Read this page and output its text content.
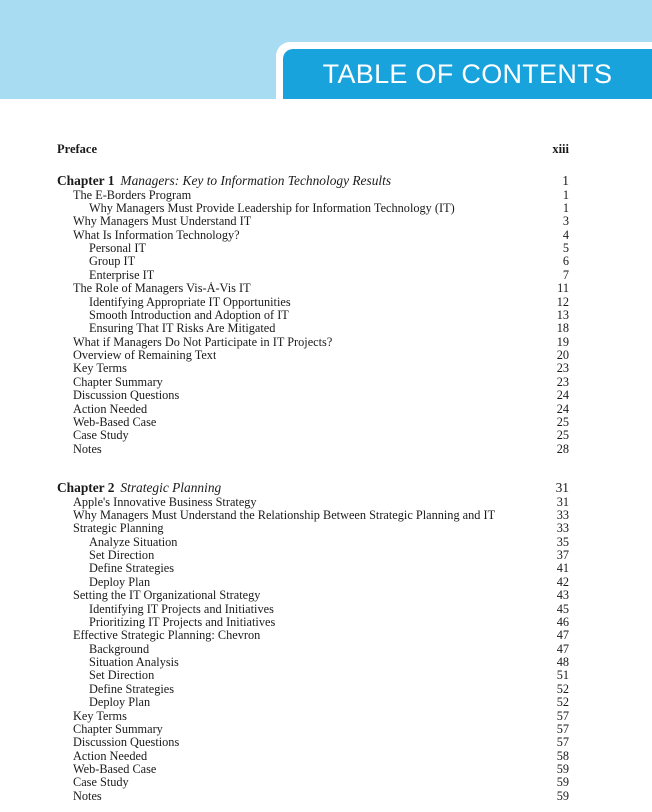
TABLE OF CONTENTS
Preface	xiii
Chapter 1 Managers: Key to Information Technology Results	1
The E-Borders Program	1
Why Managers Must Provide Leadership for Information Technology (IT)	1
Why Managers Must Understand IT	3
What Is Information Technology?	4
Personal IT	5
Group IT	6
Enterprise IT	7
The Role of Managers Vis-À-Vis IT	11
Identifying Appropriate IT Opportunities	12
Smooth Introduction and Adoption of IT	13
Ensuring That IT Risks Are Mitigated	18
What if Managers Do Not Participate in IT Projects?	19
Overview of Remaining Text	20
Key Terms	23
Chapter Summary	23
Discussion Questions	24
Action Needed	24
Web-Based Case	25
Case Study	25
Notes	28
Chapter 2 Strategic Planning	31
Apple's Innovative Business Strategy	31
Why Managers Must Understand the Relationship Between Strategic Planning and IT	33
Strategic Planning	33
Analyze Situation	35
Set Direction	37
Define Strategies	41
Deploy Plan	42
Setting the IT Organizational Strategy	43
Identifying IT Projects and Initiatives	45
Prioritizing IT Projects and Initiatives	46
Effective Strategic Planning: Chevron	47
Background	47
Situation Analysis	48
Set Direction	51
Define Strategies	52
Deploy Plan	52
Key Terms	57
Chapter Summary	57
Discussion Questions	57
Action Needed	58
Web-Based Case	59
Case Study	59
Notes	59
